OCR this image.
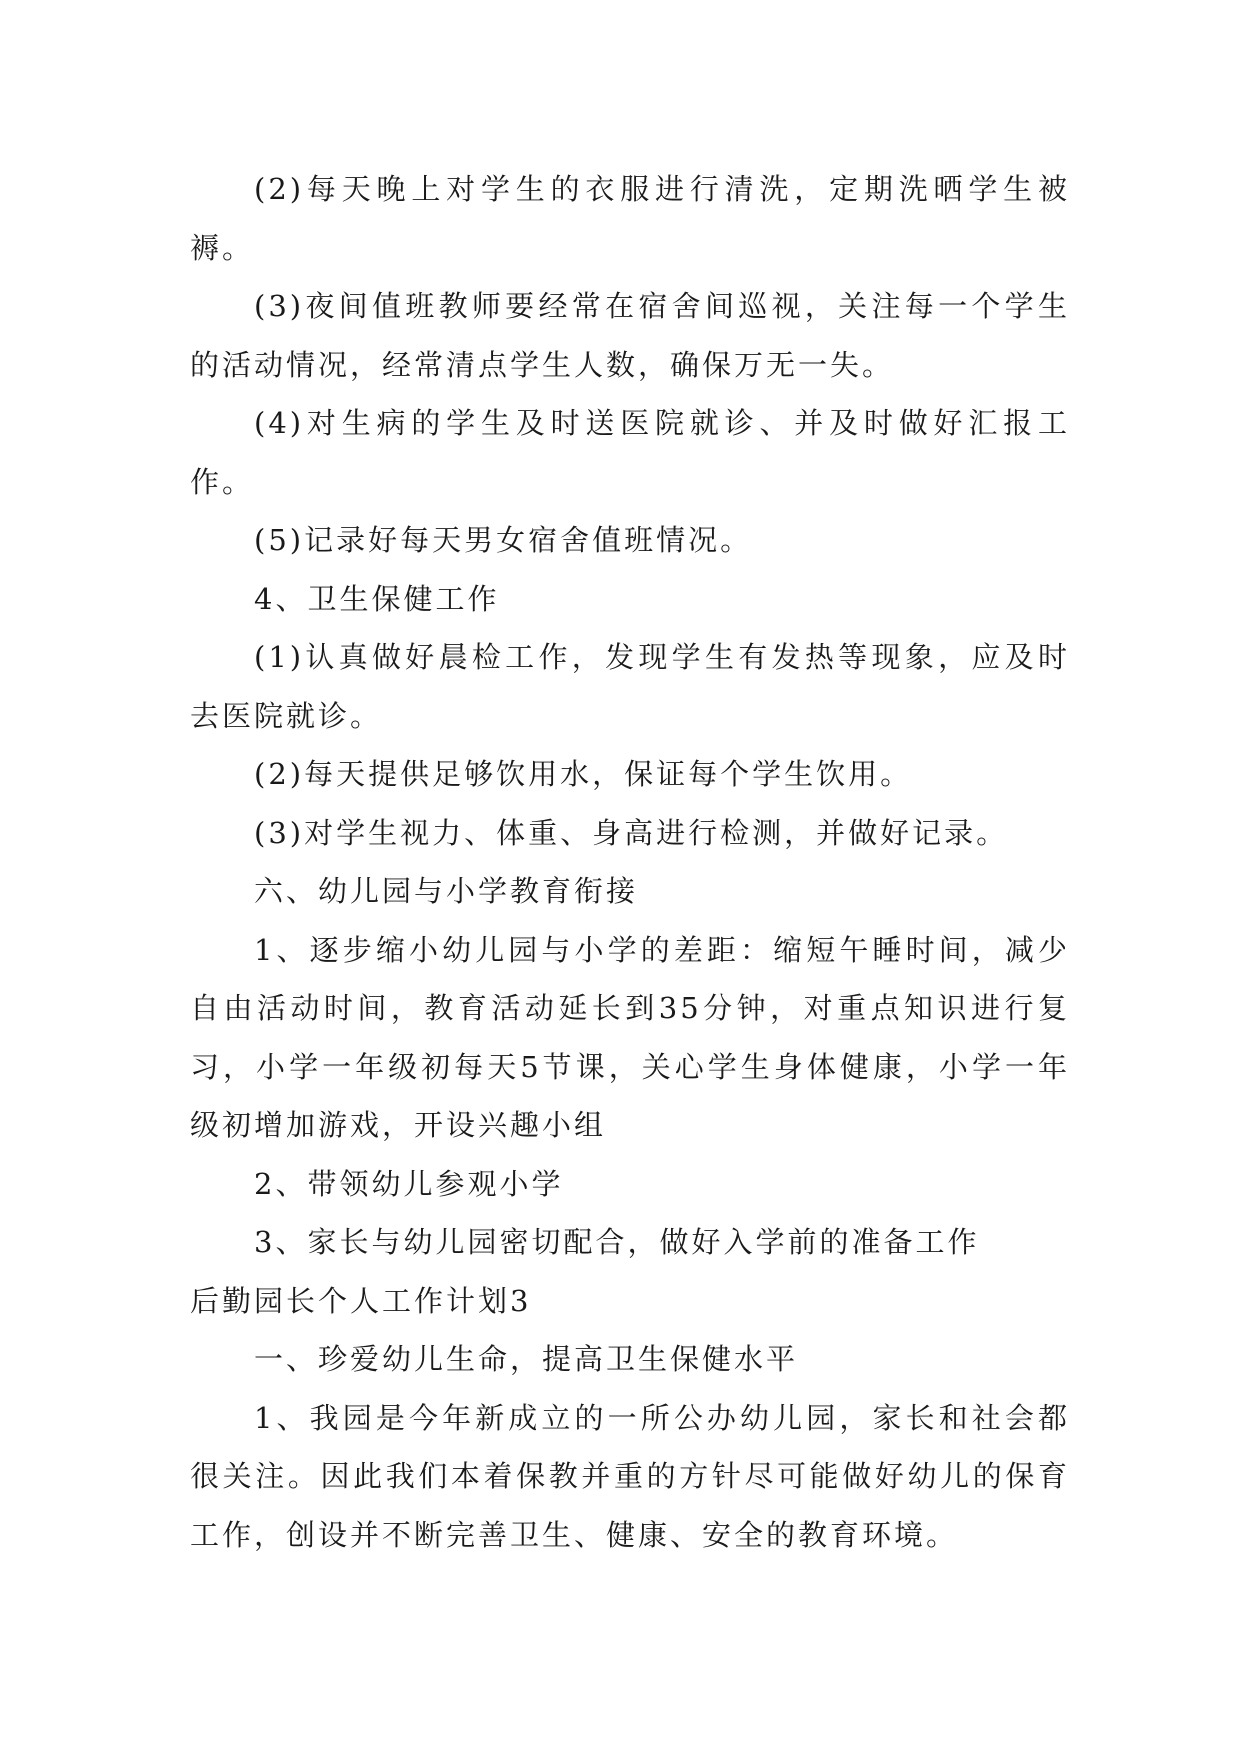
(2)每天晚上对学生的衣服进行清洗，定期洗晒学生被褥。

(3)夜间值班教师要经常在宿舍间巡视，关注每一个学生的活动情况，经常清点学生人数，确保万无一失。

(4)对生病的学生及时送医院就诊、并及时做好汇报工作。

(5)记录好每天男女宿舍值班情况。

4、卫生保健工作

(1)认真做好晨检工作，发现学生有发热等现象，应及时去医院就诊。

(2)每天提供足够饮用水，保证每个学生饮用。

(3)对学生视力、体重、身高进行检测，并做好记录。

六、幼儿园与小学教育衔接

1、逐步缩小幼儿园与小学的差距：缩短午睡时间，减少自由活动时间，教育活动延长到35分钟，对重点知识进行复习，小学一年级初每天5节课，关心学生身体健康，小学一年级初增加游戏，开设兴趣小组

2、带领幼儿参观小学

3、家长与幼儿园密切配合，做好入学前的准备工作

后勤园长个人工作计划3

一、珍爱幼儿生命，提高卫生保健水平

1、我园是今年新成立的一所公办幼儿园，家长和社会都很关注。因此我们本着保教并重的方针尽可能做好幼儿的保育工作，创设并不断完善卫生、健康、安全的教育环境。
